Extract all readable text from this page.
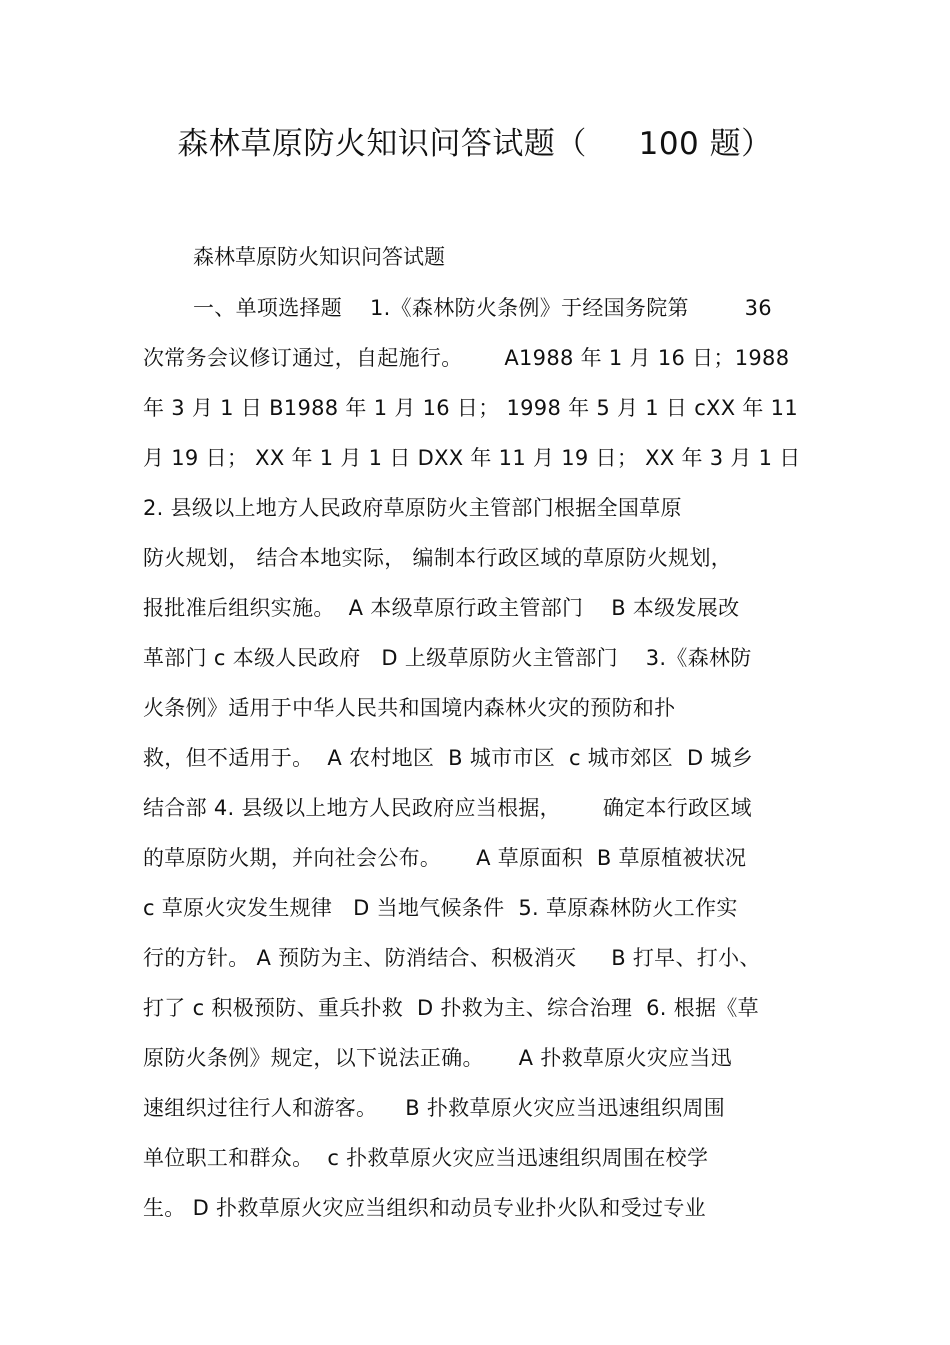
森林草原防火知识问答试题（     100 题）
森林草原防火知识问答试题
一、单项选择题    1.《森林防火条例》于经国务院第        36
次常务会议修订通过，自起施行。      A1988 年 1 月 16 日；1988
年 3 月 1 日 B1988 年 1 月 16 日； 1998 年 5 月 1 日 cXX 年 11
月 19 日； XX 年 1 月 1 日 DXX 年 11 月 19 日； XX 年 3 月 1 日
2. 县级以上地方人民政府草原防火主管部门根据全国草原
防火规划， 结合本地实际， 编制本行政区域的草原防火规划，
报批准后组织实施。  A 本级草原行政主管部门    B 本级发展改
革部门 c 本级人民政府   D 上级草原防火主管部门    3.《森林防
火条例》适用于中华人民共和国境内森林火灾的预防和扑
救，但不适用于。  A 农村地区  B 城市市区  c 城市郊区  D 城乡
结合部 4. 县级以上地方人民政府应当根据，      确定本行政区域
的草原防火期，并向社会公布。     A 草原面积  B 草原植被状况
c 草原火灾发生规律   D 当地气候条件  5. 草原森林防火工作实
行的方针。 A 预防为主、防消结合、积极消灭     B 打早、打小、
打了 c 积极预防、重兵扑救  D 扑救为主、综合治理  6. 根据《草
原防火条例》规定，以下说法正确。     A 扑救草原火灾应当迅
速组织过往行人和游客。    B 扑救草原火灾应当迅速组织周围
单位职工和群众。  c 扑救草原火灾应当迅速组织周围在校学
生。 D 扑救草原火灾应当组织和动员专业扑火队和受过专业
